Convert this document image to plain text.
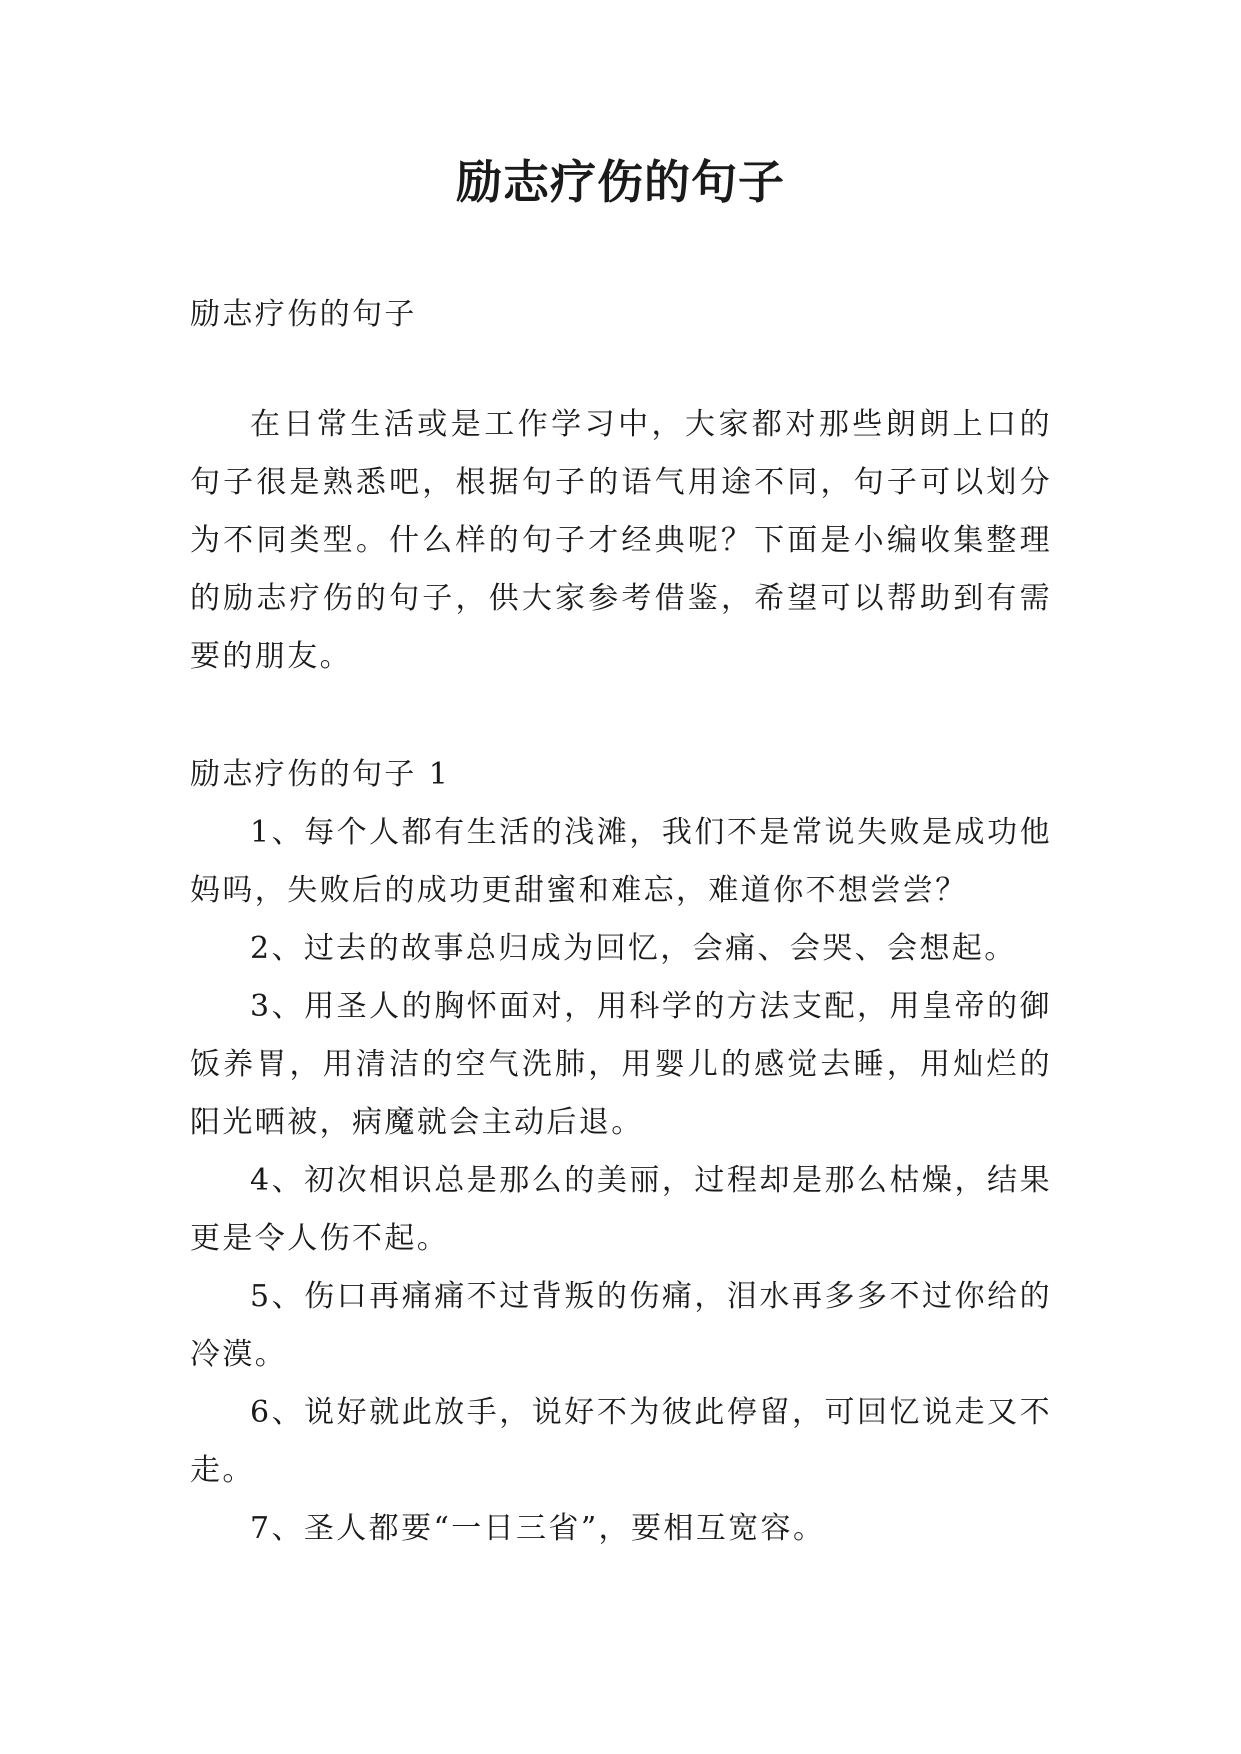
励志疗伤的句子

励志疗伤的句子

在日常生活或是工作学习中，大家都对那些朗朗上口的句子很是熟悉吧，根据句子的语气用途不同，句子可以划分为不同类型。什么样的句子才经典呢？下面是小编收集整理的励志疗伤的句子，供大家参考借鉴，希望可以帮助到有需要的朋友。

励志疗伤的句子 1

1、每个人都有生活的浅滩，我们不是常说失败是成功他妈吗，失败后的成功更甜蜜和难忘，难道你不想尝尝？

2、过去的故事总归成为回忆，会痛、会哭、会想起。

3、用圣人的胸怀面对，用科学的方法支配，用皇帝的御饭养胃，用清洁的空气洗肺，用婴儿的感觉去睡，用灿烂的阳光晒被，病魔就会主动后退。

4、初次相识总是那么的美丽，过程却是那么枯燥，结果更是令人伤不起。

5、伤口再痛痛不过背叛的伤痛，泪水再多多不过你给的冷漠。

6、说好就此放手，说好不为彼此停留，可回忆说走又不走。

7、圣人都要“一日三省”，要相互宽容。
